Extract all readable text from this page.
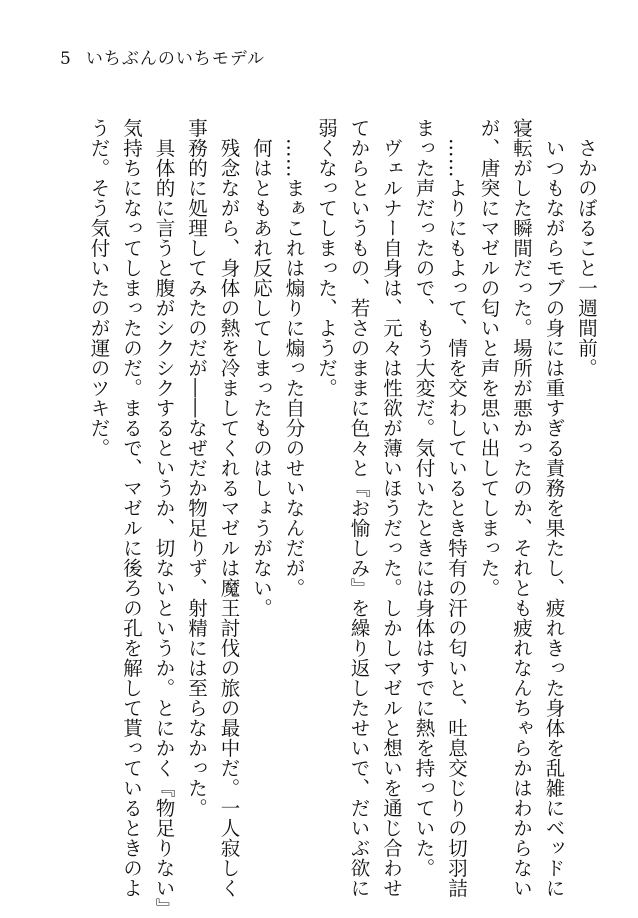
5 いちぶんのいちモデル
　さかのぼること一週間前。
　いつもながらモブの身には重すぎる責務を果たし、疲れきった身体を乱雑にベッドに
寝転がした瞬間だった。場所が悪かったのか、それとも疲れなんちゃらかはわからない
が、唐突にマゼルの匂いと声を思い出してしまった。
　……よりにもよって、情を交わしているとき特有の汗の匂いと、吐息交じりの切羽詰
まった声だったので、もう大変だ。気付いたときには身体はすでに熱を持っていた。
　ヴェルナー自身は、元々は性欲が薄いほうだった。しかしマゼルと想いを通じ合わせ
てからというもの、若さのままに色々と『お愉しみ』を繰り返したせいで、だいぶ欲に
弱くなってしまった、ようだ。
　……まぁこれは煽りに煽った自分のせいなんだが。
　何はともあれ反応してしまったものはしょうがない。
　残念ながら、身体の熱を冷ましてくれるマゼルは魔王討伐の旅の最中だ。一人寂しく
事務的に処理してみたのだが――なぜだか物足りず、射精には至らなかった。
　具体的に言うと腹がシクシクするというか、切ないというか。とにかく『物足りない』
気持ちになってしまったのだ。まるで、マゼルに後ろの孔を解して貰っているときのよ
うだ。そう気付いたのが運のツキだ。
